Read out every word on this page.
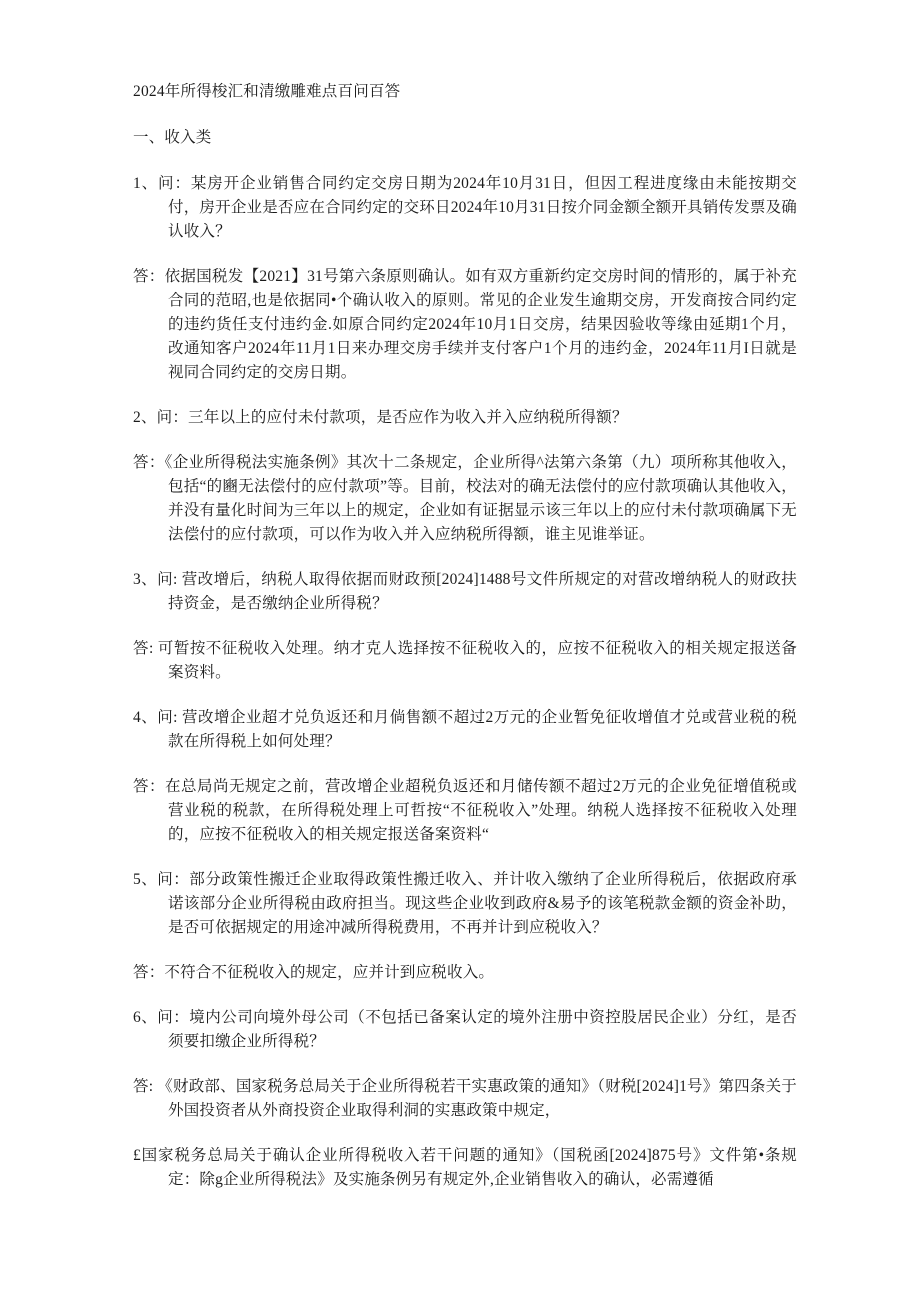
2024年所得梭汇和清缴雕难点百问百答

一、收入类

1、问：某房开企业销售合同约定交房日期为2024年10月31日，但因工程进度缘由未能按期交付，房开企业是否应在合同约定的交环日2024年10月31日按介同金额全额开具销传发票及确认收入？

答：依据国税发【2021】31号第六条原则确认。如有双方重新约定交房时间的情形的，属于补充合同的范昭,也是依据同•个确认收入的原则。常见的企业发生逾期交房，开发商按合同约定的违约货任支付违约金.如原合同约定2024年10月1日交房，结果因验收等缘由延期1个月，改通知客户2024年11月1日来办理交房手续并支付客户1个月的违约金，2024年11月I日就是视同合同约定的交房日期。

2、问：三年以上的应付未付款项，是否应作为收入并入应纳税所得额？

答：《企业所得税法实施条例》其次十二条规定，企业所得^法第六条第（九）项所称其他收入，包括“的豳无法偿付的应付款项”等。目前，校法对的确无法偿付的应付款项确认其他收入，并没有量化时间为三年以上的规定，企业如有证据显示该三年以上的应付未付款项确属下无法偿付的应付款项，可以作为收入并入应纳税所得额，谁主见谁举证。

3、问: 营改增后，纳税人取得依据而财政预[2024]1488号文件所规定的对营改增纳税人的财政扶持资金，是否缴纳企业所得税？

答: 可暂按不征税收入处理。纳才克人选择按不征税收入的，应按不征税收入的相关规定报送备案资料。

4、问: 营改增企业超才兑负返还和月倘售额不超过2万元的企业暂免征收增值才兑或营业税的税款在所得税上如何处理？

答：在总局尚无规定之前，营改增企业超税负返还和月储传额不超过2万元的企业免征增值税或营业税的税款，在所得税处理上可哲按“不征税收入”处理。纳税人选择按不征税收入处理的，应按不征税收入的相关规定报送备案资料“

5、问：部分政策性搬迁企业取得政策性搬迁收入、并计收入缴纳了企业所得税后，依据政府承诺该部分企业所得税由政府担当。现这些企业收到政府&易予的该笔税款金额的资金补助，是否可依据规定的用途冲减所得税费用，不再并计到应税收入？

答：不符合不征税收入的规定，应并计到应税收入。

6、问：境内公司向境外母公司（不包括已备案认定的境外注册中资控股居民企业）分红，是否须要扣缴企业所得税？

答: 《财政部、国家税务总局关于企业所得税若干实惠政策的通知》（财税[2024]1号》第四条关于外国投资者从外商投资企业取得利洞的实惠政策中规定，

£国家税务总局关于确认企业所得税收入若干问题的通知》（国税函[2024]875号》文件第•条规定：除g企业所得税法》及实施条例另有规定外,企业销售收入的确认，必需遵循
